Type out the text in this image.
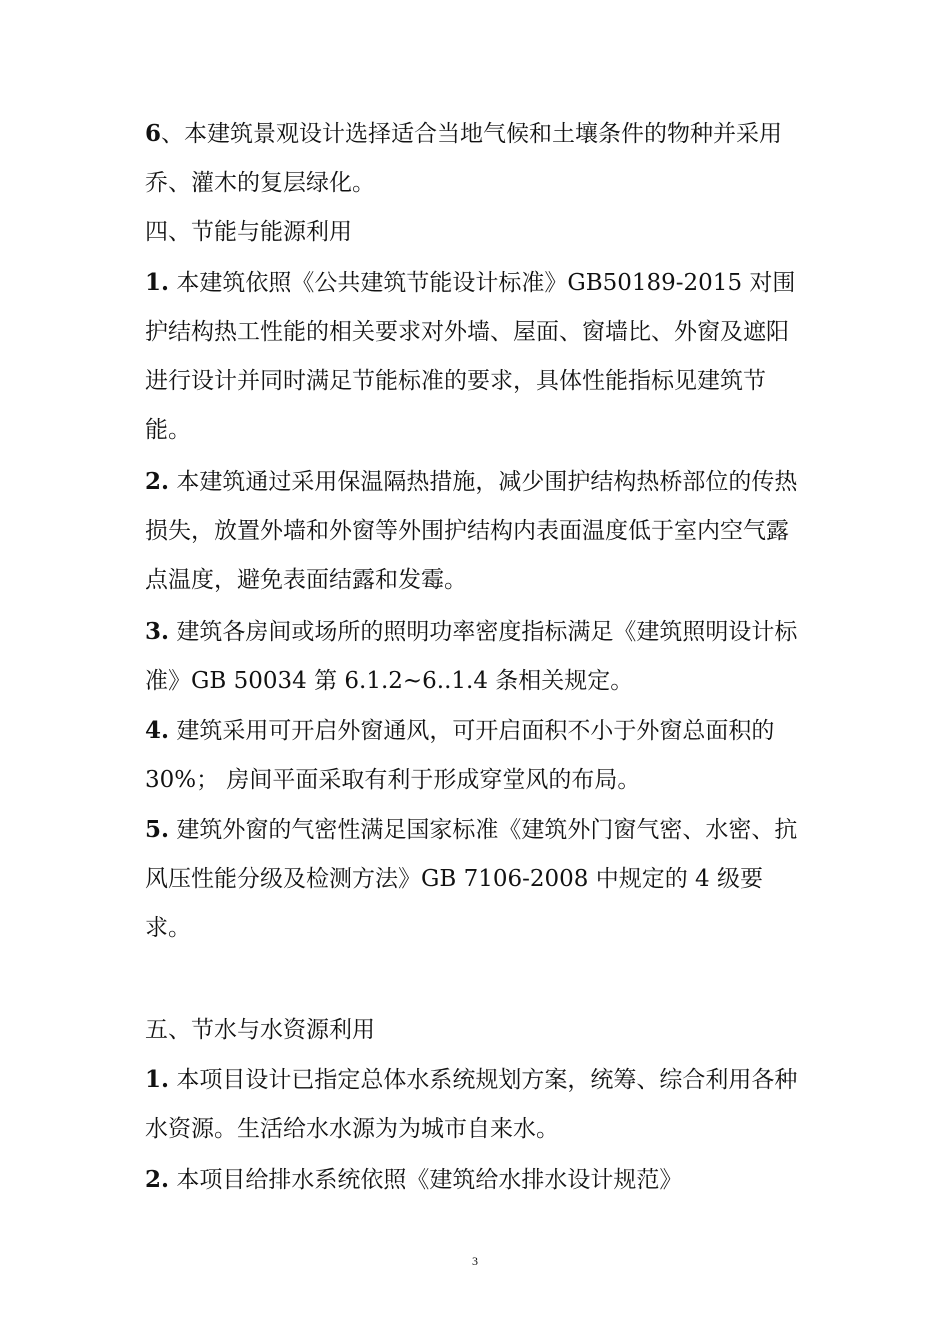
6、本建筑景观设计选择适合当地气候和土壤条件的物种并采用乔、灌木的复层绿化。

四、节能与能源利用

1. 本建筑依照《公共建筑节能设计标准》GB50189-2015 对围护结构热工性能的相关要求对外墙、屋面、窗墙比、外窗及遮阳进行设计并同时满足节能标准的要求，具体性能指标见建筑节能。

2. 本建筑通过采用保温隔热措施，减少围护结构热桥部位的传热损失，放置外墙和外窗等外围护结构内表面温度低于室内空气露点温度，避免表面结露和发霉。

3. 建筑各房间或场所的照明功率密度指标满足《建筑照明设计标准》GB 50034 第 6.1.2~6..1.4 条相关规定。

4. 建筑采用可开启外窗通风，可开启面积不小于外窗总面积的 30%； 房间平面采取有利于形成穿堂风的布局。

5. 建筑外窗的气密性满足国家标准《建筑外门窗气密、水密、抗风压性能分级及检测方法》GB 7106-2008 中规定的 4 级要求。

五、节水与水资源利用

1. 本项目设计已指定总体水系统规划方案，统筹、综合利用各种水资源。生活给水水源为为城市自来水。

2. 本项目给排水系统依照《建筑给水排水设计规范》

3
